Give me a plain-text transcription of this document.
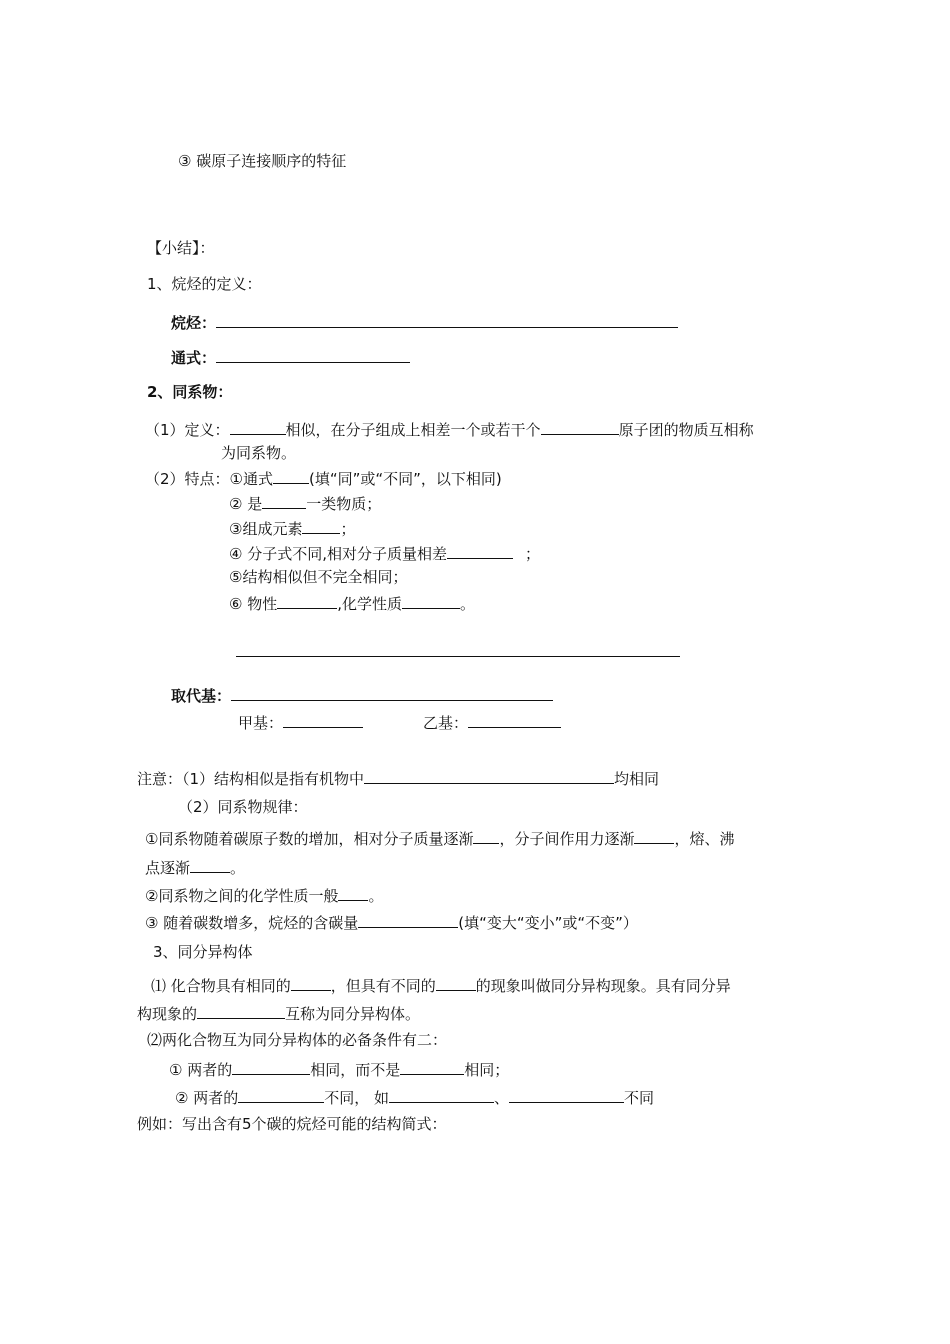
③ 碳原子连接顺序的特征
【小结】：
1、烷烃的定义：
烷烃：
通式：
2、同系物：
（1）定义：	相似，在分子组成上相差一个或若干个	原子团的物质互相称
为同系物。
（2）特点：①通式 (填“同”或“不同”，以下相同)
② 是	一类物质；
③组成元素	；
④ 分子式不同,相对分子质量相差	；
⑤结构相似但不完全相同；
⑥ 物性	,化学性质	。
取代基：
甲基：	乙基：
注意：（1）结构相似是指有机物中	均相同
（2）同系物规律：
①同系物随着碳原子数的增加，相对分子质量逐渐 ，分子间作用力逐渐	，熔、沸
点逐渐	。
②同系物之间的化学性质一般 。
③ 随着碳数增多，烷烃的含碳量	(填“变大“变小”或“不变”）
3、同分异构体
⑴ 化合物具有相同的	，但具有不同的	的现象叫做同分异构现象。具有同分异
构现象的	互称为同分异构体。
⑵两化合物互为同分异构体的必备条件有二：
① 两者的	相同，而不是	相同；
② 两者的	不同， 如	、	不同
例如：写出含有5个碳的烷烃可能的结构简式：
